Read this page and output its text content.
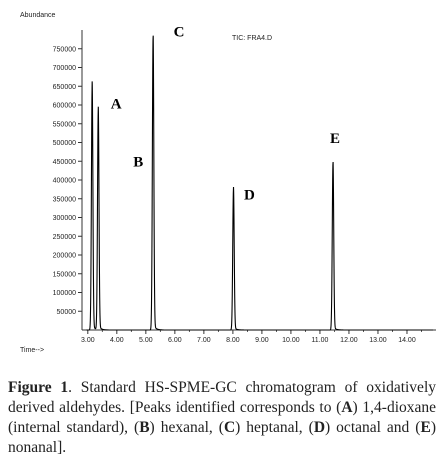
Abundance
TIC: FRA4.D
50000
100000
150000
200000
250000
300000
350000
400000
450000
500000
550000
600000
650000
700000
750000
3.00 4.00 5.00 6.00 7.00 8.00 9.00 10.00 11.00 12.00 13.00 14.00
A
B
C
D
E
Time-->
Figure 1. Standard HS-SPME-GC chromatogram of oxidatively derived aldehydes. [Peaks identified corresponds to (A) 1,4-dioxane (internal standard), (B) hexanal, (C) heptanal, (D) octanal and (E) nonanal].
